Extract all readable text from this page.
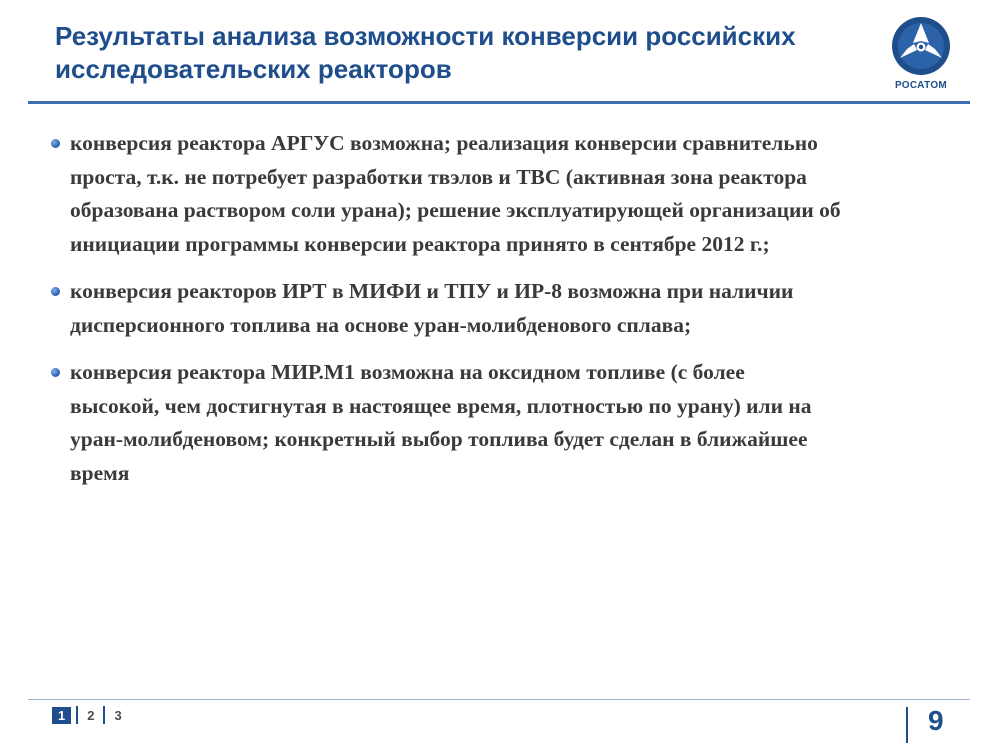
Результаты анализа возможности конверсии российских
исследовательских реакторов
РОСАТОМ
конверсия реактора АРГУС возможна; реализация конверсии сравнительно
проста, т.к. не потребует разработки твэлов и ТВС (активная зона реактора
образована раствором соли урана); решение эксплуатирующей организации об
инициации программы конверсии реактора принято в сентябре 2012 г.;
конверсия реакторов ИРТ в МИФИ и ТПУ и ИР-8 возможна при наличии
дисперсионного топлива на основе уран-молибденового сплава;
конверсия реактора МИР.М1 возможна на оксидном топливе (с более
высокой, чем достигнутая в настоящее время, плотностью по урану) или на
уран-молибденовом; конкретный выбор топлива будет сделан в ближайшее
время
1	2	3	9
